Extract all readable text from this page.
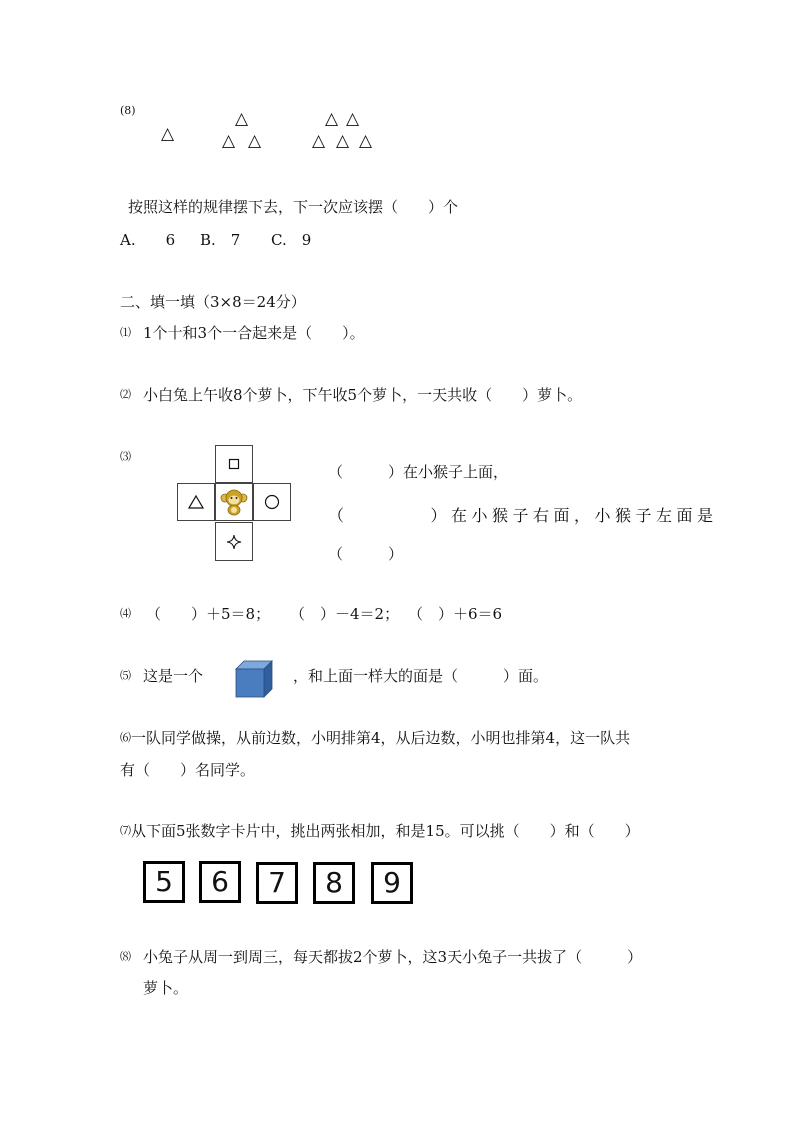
(8)
△
△
△ △
△ △
△ △ △
按照这样的规律摆下去，下一次应该摆（　　）个
A.　　6 B.　7 C.　9
二、填一填（3×8＝24分）
⑴ 1个十和3个一合起来是（　　）。
⑵ 小白兔上午收8个萝卜，下午收5个萝卜，一天共收（　　）萝卜。
⑶
（　　　）在小猴子上面，
（　　　　）在小猴子右面，小猴子左面是
（　　　）
⑷ （　　）＋5＝8； （　）－4＝2； （　）＋6＝6
⑸ 这是一个	，和上面一样大的面是（　　　）面。
⑹ 一队同学做操，从前边数，小明排第4，从后边数，小明也排第4，这一队共
有（　　）名同学。
⑺ 从下面5张数字卡片中，挑出两张相加，和是15。可以挑（　　）和（　　）
5	6	7	8	9
⑻ 小兔子从周一到周三，每天都拔2个萝卜，这3天小兔子一共拔了（　　　）
萝卜。
